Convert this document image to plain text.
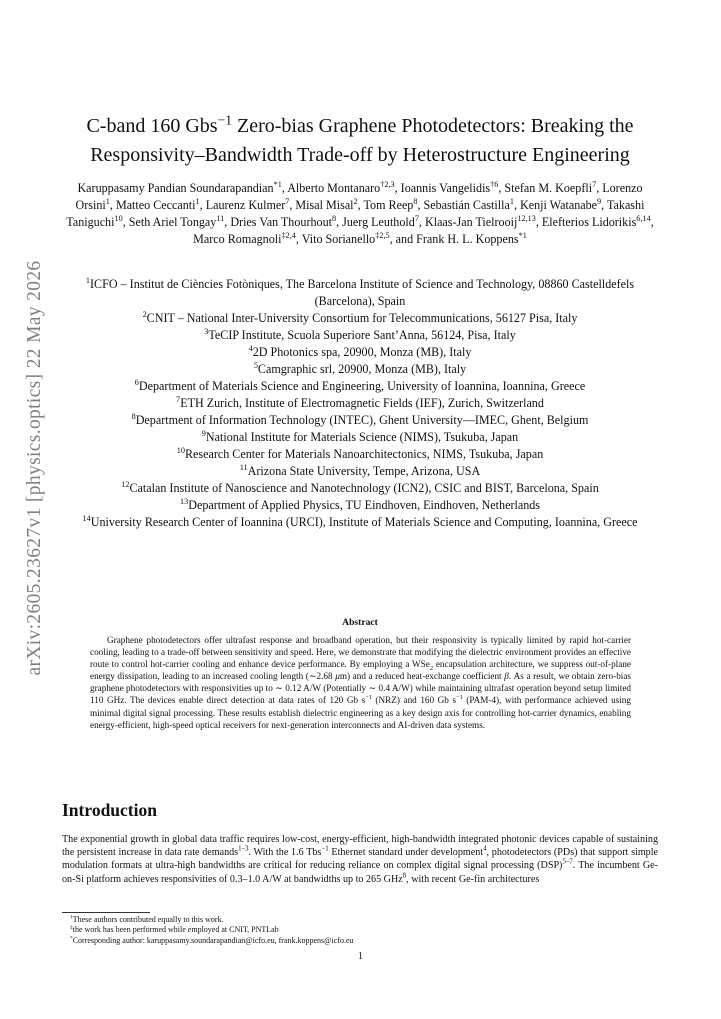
arXiv:2605.23627v1 [physics.optics] 22 May 2026
C-band 160 Gbs$^{-1}$ Zero-bias Graphene Photodetectors: Breaking the Responsivity–Bandwidth Trade-off by Heterostructure Engineering
Karuppasamy Pandian Soundarapandian$^{*1}$, Alberto Montanaro$^{\dagger 2,3}$, Ioannis Vangelidis$^{\dagger 6}$, Stefan M. Koepfli$^7$, Lorenzo Orsini$^1$, Matteo Ceccanti$^1$, Laurenz Kulmer$^7$, Misal Misal$^2$, Tom Reep$^8$, Sebastián Castilla$^1$, Kenji Watanabe$^9$, Takashi Taniguchi$^{10}$, Seth Ariel Tongay$^{11}$, Dries Van Thourhout$^8$, Juerg Leuthold$^7$, Klaas-Jan Tielrooij$^{12,13}$, Elefterios Lidorikis$^{6,14}$, Marco Romagnoli$^{\ddagger 2,4}$, Vito Sorianello$^{\ddagger 2,5}$, and Frank H. L. Koppens$^{*1}$
$^1$ICFO – Institut de Ciències Fotòniques, The Barcelona Institute of Science and Technology, 08860 Castelldefels (Barcelona), Spain
$^2$CNIT – National Inter-University Consortium for Telecommunications, 56127 Pisa, Italy
$^3$TeCIP Institute, Scuola Superiore Sant’Anna, 56124, Pisa, Italy
$^4$2D Photonics spa, 20900, Monza (MB), Italy
$^5$Camgraphic srl, 20900, Monza (MB), Italy
$^6$Department of Materials Science and Engineering, University of Ioannina, Ioannina, Greece
$^7$ETH Zurich, Institute of Electromagnetic Fields (IEF), Zurich, Switzerland
$^8$Department of Information Technology (INTEC), Ghent University—IMEC, Ghent, Belgium
$^9$National Institute for Materials Science (NIMS), Tsukuba, Japan
$^{10}$Research Center for Materials Nanoarchitectonics, NIMS, Tsukuba, Japan
$^{11}$Arizona State University, Tempe, Arizona, USA
$^{12}$Catalan Institute of Nanoscience and Nanotechnology (ICN2), CSIC and BIST, Barcelona, Spain
$^{13}$Department of Applied Physics, TU Eindhoven, Eindhoven, Netherlands
$^{14}$University Research Center of Ioannina (URCI), Institute of Materials Science and Computing, Ioannina, Greece
Abstract

Graphene photodetectors offer ultrafast response and broadband operation, but their responsivity is typically limited by rapid hot-carrier cooling, leading to a trade-off between sensitivity and speed. Here, we demonstrate that modifying the dielectric environment provides an effective route to control hot-carrier cooling and enhance device performance. By employing a WSe$_2$ encapsulation architecture, we suppress out-of-plane energy dissipation, leading to an increased cooling length (∼2.68 μm) and a reduced heat-exchange coefficient β. As a result, we obtain zero-bias graphene photodetectors with responsivities up to ∼ 0.12 A/W (Potentially ∼ 0.4 A/W) while maintaining ultrafast operation beyond setup limited 110 GHz. The devices enable direct detection at data rates of 120 Gb $s^{-1}$ (NRZ) and 160 Gb $s^{-1}$ (PAM-4), with performance achieved using minimal digital signal processing. These results establish dielectric engineering as a key design axis for controlling hot-carrier dynamics, enabling energy-efficient, high-speed optical receivers for next-generation interconnects and AI-driven data systems.

Introduction

The exponential growth in global data traffic requires low-cost, energy-efficient, high-bandwidth integrated photonic devices capable of sustaining the persistent increase in data rate demands$^{1-3}$. With the 1.6 Tbs$^{-1}$ Ethernet standard under development$^4$, photodetectors (PDs) that support simple modulation formats at ultra-high bandwidths are critical for reducing reliance on complex digital signal processing (DSP)$^{5-7}$. The incumbent Ge-on-Si platform achieves responsivities of 0.3–1.0 A/W at bandwidths up to 265 GHz$^8$, with recent Ge-fin architectures

†These authors contributed equally to this work.
‡the work has been performed while employed at CNIT, PNTLab
*Corresponding author: karuppasamy.soundarapandian@icfo.eu, frank.koppens@icfo.eu
1
